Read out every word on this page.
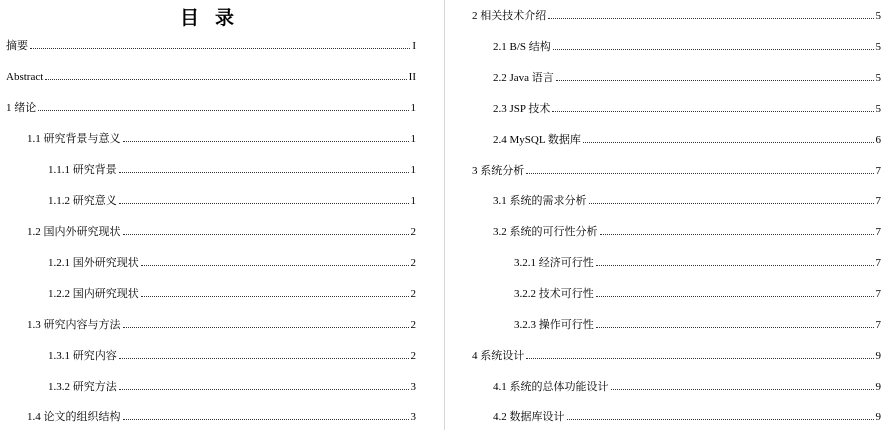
目录
摘要	I
Abstract	II
1 绪论	1
1.1 研究背景与意义	1
1.1.1 研究背景	1
1.1.2 研究意义	1
1.2 国内外研究现状	2
1.2.1 国外研究现状	2
1.2.2 国内研究现状	2
1.3 研究内容与方法	2
1.3.1 研究内容	2
1.3.2 研究方法	3
1.4 论文的组织结构	3
2 相关技术介绍	5
2.1 B/S 结构	5
2.2 Java 语言	5
2.3 JSP 技术	5
2.4 MySQL 数据库	6
3 系统分析	7
3.1 系统的需求分析	7
3.2 系统的可行性分析	7
3.2.1 经济可行性	7
3.2.2 技术可行性	7
3.2.3 操作可行性	7
4 系统设计	9
4.1 系统的总体功能设计	9
4.2 数据库设计	9
